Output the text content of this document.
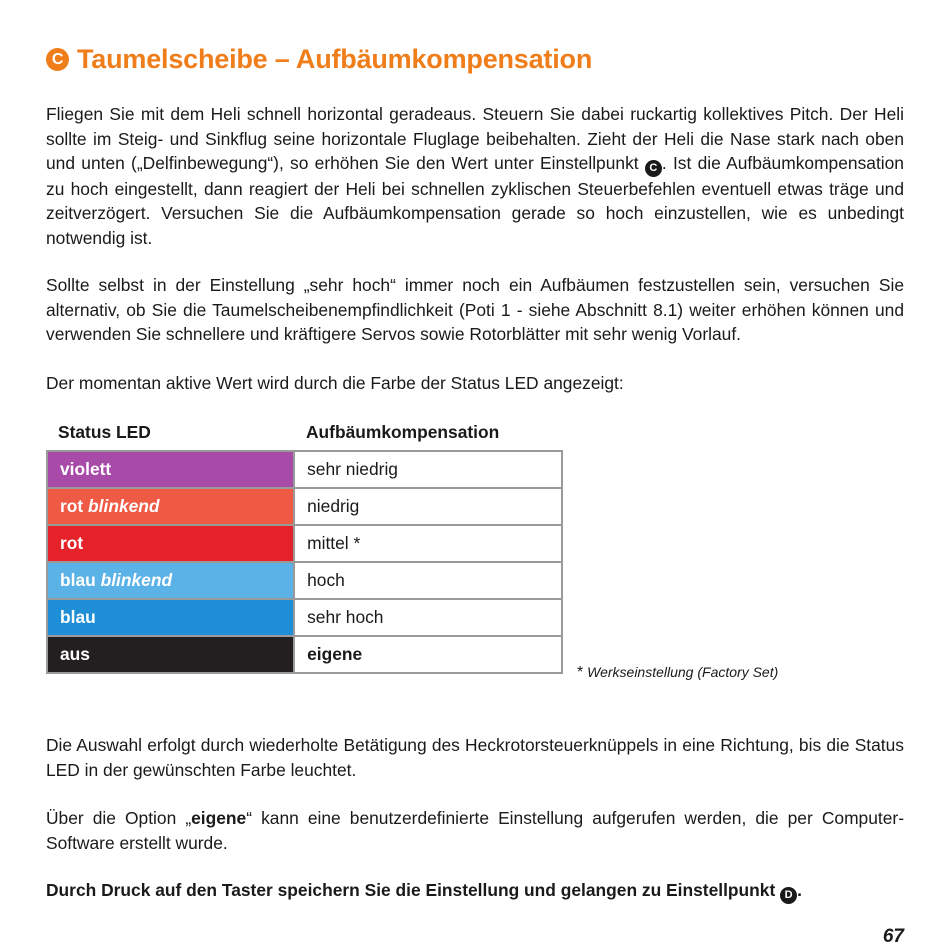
C Taumelscheibe – Aufbäumkompensation

Fliegen Sie mit dem Heli schnell horizontal geradeaus. Steuern Sie dabei ruckartig kollektives Pitch. Der Heli sollte im Steig- und Sinkflug seine horizontale Fluglage beibehalten. Zieht der Heli die Nase stark nach oben und unten („Delfinbewegung“), so erhöhen Sie den Wert unter Einstellpunkt C . Ist die Aufbäumkompensation zu hoch eingestellt, dann reagiert der Heli bei schnellen zyklischen Steuerbefehlen eventuell etwas träge und zeitverzögert. Versuchen Sie die Aufbäumkompensation gerade so hoch einzustellen, wie es unbedingt notwendig ist.

Sollte selbst in der Einstellung „sehr hoch“ immer noch ein Aufbäumen festzustellen sein, versuchen Sie alternativ, ob Sie die Taumelscheibenempfindlichkeit (Poti 1 - siehe Abschnitt 8.1) weiter erhöhen können und verwenden Sie schnellere und kräftigere Servos sowie Rotorblätter mit sehr wenig Vorlauf.

Der momentan aktive Wert wird durch die Farbe der Status LED angezeigt:

Status LED	Aufbäumkompensation
violett	sehr niedrig
rot blinkend	niedrig
rot	mittel *
blau blinkend	hoch
blau	sehr hoch
aus	eigene
* Werkseinstellung (Factory Set)

Die Auswahl erfolgt durch wiederholte Betätigung des Heckrotorsteuerknüppels in eine Richtung, bis die Status LED in der gewünschten Farbe leuchtet.

Über die Option „eigene“ kann eine benutzerdefinierte Einstellung aufgerufen werden, die per Computer-Software erstellt wurde.

Durch Druck auf den Taster speichern Sie die Einstellung und gelangen zu Einstellpunkt D .

67
